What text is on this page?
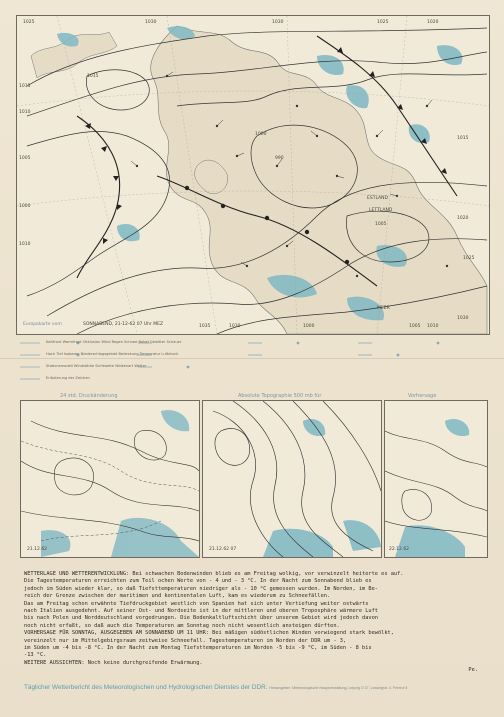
ESTLAND
LETTLAND
MEER
1025	1030	1030	1025	1020
1015
1010
1005
1000
1010
1015
1020
1025
1030
1035	1030	1000	1005 1010
1015
990
1000
1005
Europakarte vom	SONNABEND, 21-12-62 07 Uhr MEZ
Kaltfront Warmfront Okklusion Wind Regen Schnee Nebel Gewitter Schauer
Hoch Tief Isobaren Niederschlagsgebiet Bedeckung Temperatur Luftdruck
Stationsmodell Windstärke Sichtweite Wolkenart Wetter
Erläuterung der Zeichen
24 std. Druckänderung	Absolute Topographie 500 mb für	Vorhersage
21.12.62	21.12.62 07	22.12.62

WETTERLAGE UND WETTERENTWICKLUNG: Bei schwachen Bodenwinden blieb es am Freitag wolkig, vor verwinzelt heiterte es auf.

Die Tagestemperaturen erreichten zum Teil ochen Werte von - 4 und - 3 °C. In der Nacht zum Sonnabend blieb es

jedoch im Süden wieder klar, so daß Tiefsttemperaturen niedriger als - 10 °C gemessen wurden. Im Norden, im Be-

reich der Grenze zwischen der maritimen und kontinentalen Luft, kam es wiederum zu Schneefällen.

Das am Freitag schon erwähnte Tiefdruckgebiet westlich von Spanien hat sich unter Vertiefung weiter ostwärts

nach Italien ausgedehnt. Auf seiner Ost- und Nordseite ist in der mittleren und oberen Troposphäre wärmere Luft

bis nach Polen und Norddeutschland vorgedrungen. Die Bodenkaltluftschicht über unserem Gebiet wird jedoch davon

noch nicht erfaßt, so daß auch die Temperaturen am Sonntag noch nicht wesentlich ansteigen dürften.

VORHERSAGE FÜR SONNTAG, AUSGEGEBEN AM SONNABEND UM 11 UHR: Bei mäßigen südöstlichen Winden vorwiegend stark bewölkt,

vereinzelt nur im Mittelgebirgsraum zeitweise Schneefall. Tagestemperaturen im Norden der DDR um - 3,

im Süden um -4 bis -8 °C. In der Nacht zum Montag Tiefsttemperaturen im Norden -5 bis -9 °C, im Süden - 8 bis

-13 °C.

WEITERE AUSSICHTEN: Noch keine durchgreifende Erwärmung.

Pe.

Täglicher Wetterbericht des Meteorologischen und Hydrologischen Dienstes der DDR. Herausgeber: Meteorologische Hauptverwaltung, Leipzig O 27, Lessingstr. 4. Fernruf 8
